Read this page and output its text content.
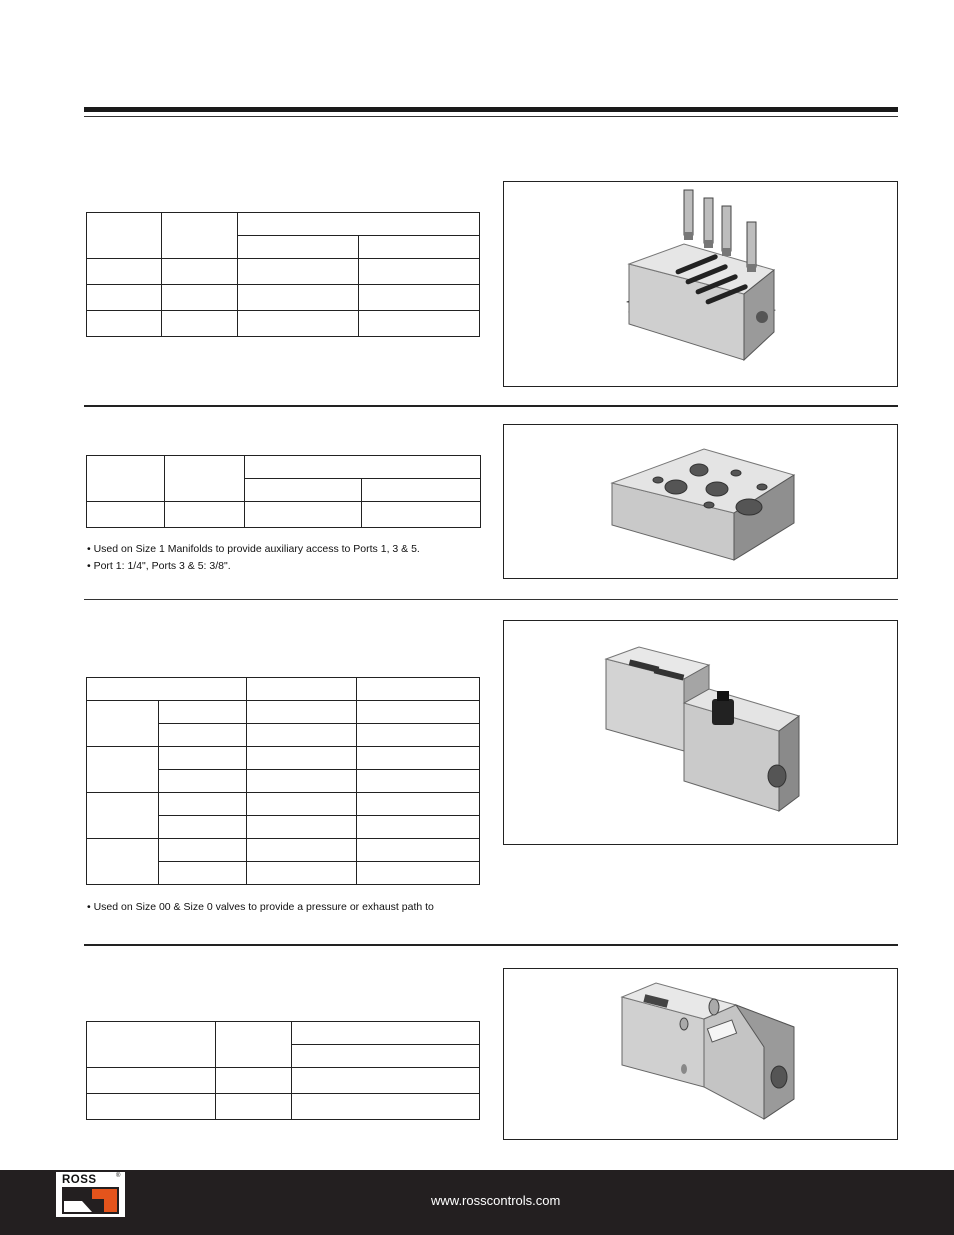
• Used on Size 1 Manifolds to provide auxiliary access to Ports 1, 3 & 5.
• Port 1: 1/4", Ports 3 & 5: 3/8".

• Used on Size 00 & Size 0 valves to provide a pressure or exhaust path to

ROSS	®
www.rosscontrols.com
